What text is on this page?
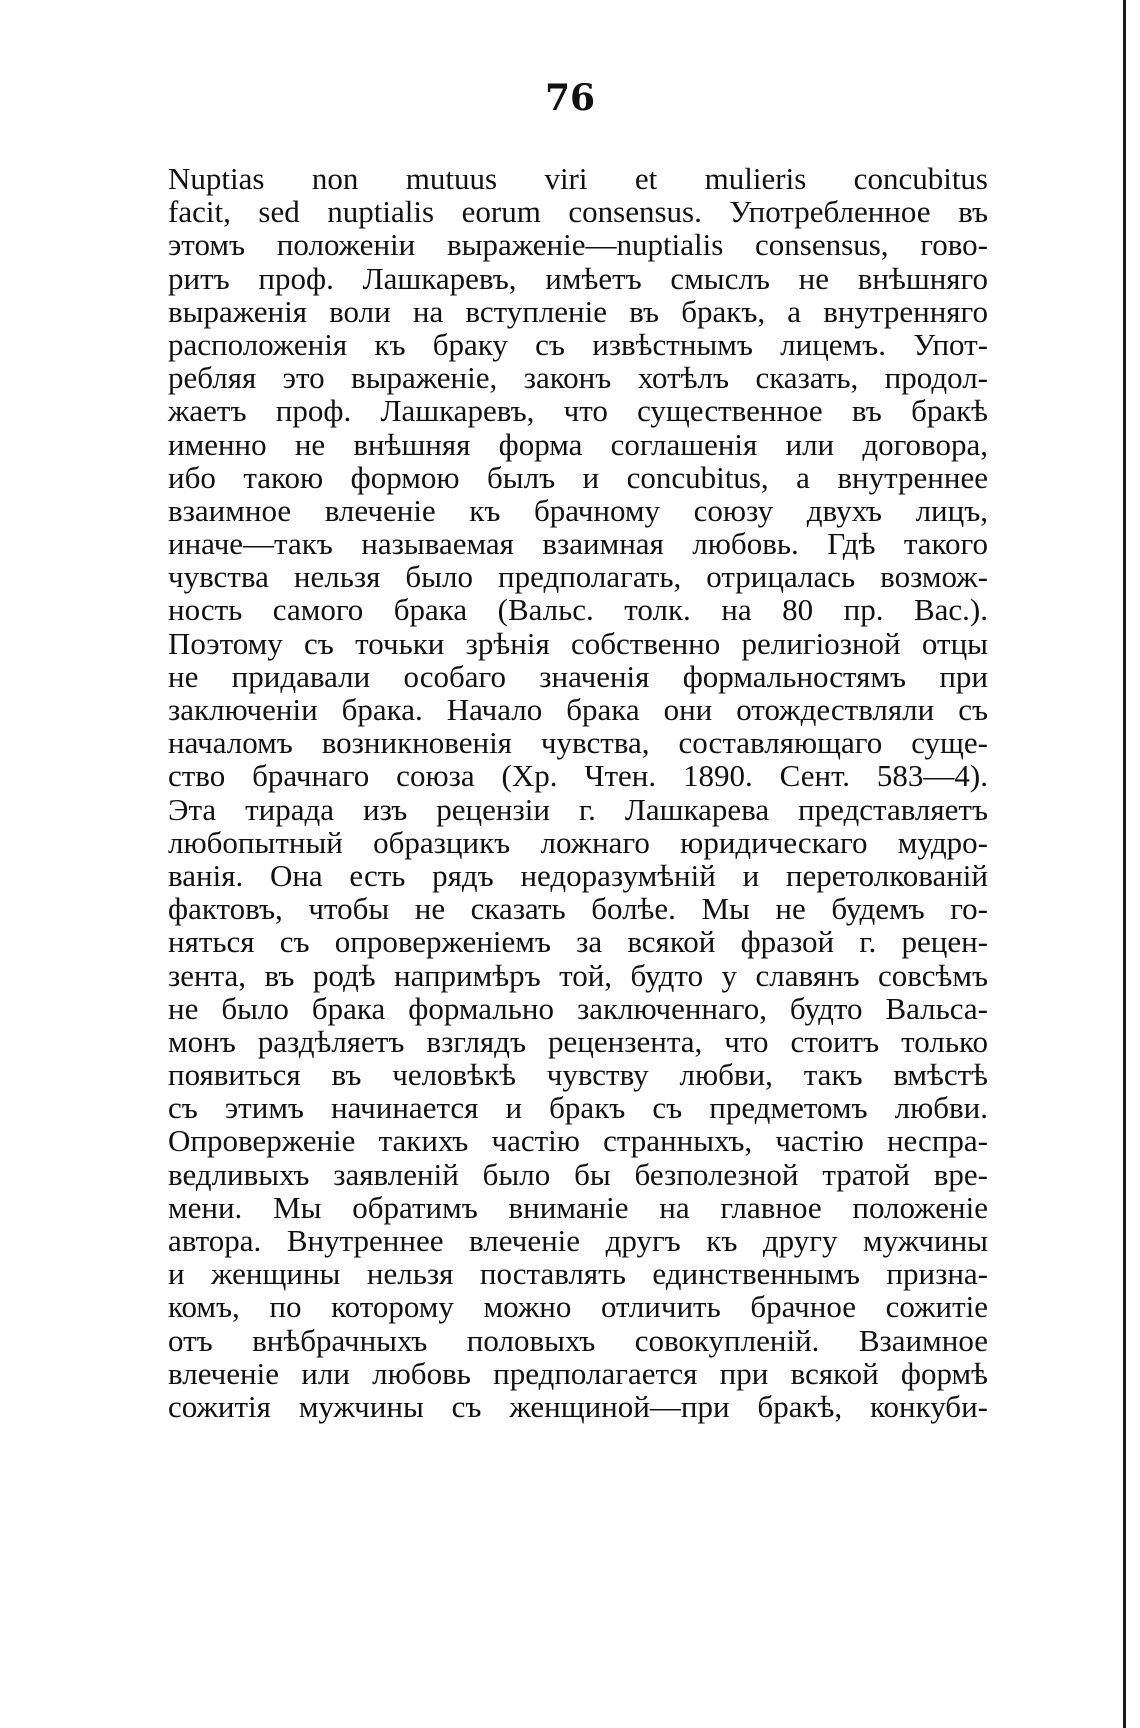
76
Nuptias non mutuus viri et mulieris concubitus
facit, sed nuptialis eorum consensus. Употребленное въ
этомъ положенiи выраженiе—nuptialis consensus, гово-
ритъ проф. Лашкаревъ, имѣетъ смыслъ не внѣшняго
выраженiя воли на вступленiе въ бракъ, а внутренняго
расположенiя къ браку съ извѣстнымъ лицемъ. Упот-
ребляя это выраженiе, законъ хотѣлъ сказать, продол-
жаетъ проф. Лашкаревъ, что существенное въ бракѣ
именно не внѣшняя форма соглашенiя или договора,
ибо такою формою былъ и concubitus, а внутреннее
взаимное влеченiе къ брачному союзу двухъ лицъ,
иначе—такъ называемая взаимная любовь. Гдѣ такого
чувства нельзя было предполагать, отрицалась возмож-
ность самого брака (Вальс. толк. на 80 пр. Вас.).
Поэтому съ точьки зрѣнiя собственно религiозной отцы
не придавали особаго значенiя формальностямъ при
заключенiи брака. Начало брака они отождествляли съ
началомъ возникновенiя чувства, составляющаго суще-
ство брачнаго союза (Хр. Чтен. 1890. Сент. 583—4).
Эта тирада изъ рецензiи г. Лашкарева представляетъ
любопытный образцикъ ложнаго юридическаго мудро-
ванiя. Она есть рядъ недоразумѣнiй и перетолкованiй
фактовъ, чтобы не сказать болѣе. Мы не будемъ го-
няться съ опроверженiемъ за всякой фразой г. рецен-
зента, въ родѣ напримѣръ той, будто у славянъ совсѣмъ
не было брака формально заключеннаго, будто Вальса-
монъ раздѣляетъ взглядъ рецензента, что стоитъ только
появиться въ человѣкѣ чувству любви, такъ вмѣстѣ
съ этимъ начинается и бракъ съ предметомъ любви.
Опроверженiе такихъ частiю странныхъ, частiю неспра-
ведливыхъ заявленiй было бы безполезной тратой вре-
мени. Мы обратимъ вниманiе на главное положенiе
автора. Внутреннее влеченiе другъ къ другу мужчины
и женщины нельзя поставлять единственнымъ призна-
комъ, по которому можно отличить брачное сожитiе
отъ внѣбрачныхъ половыхъ совокупленiй. Взаимное
влеченiе или любовь предполагается при всякой формѣ
сожитiя мужчины съ женщиной—при бракѣ, конкуби-
